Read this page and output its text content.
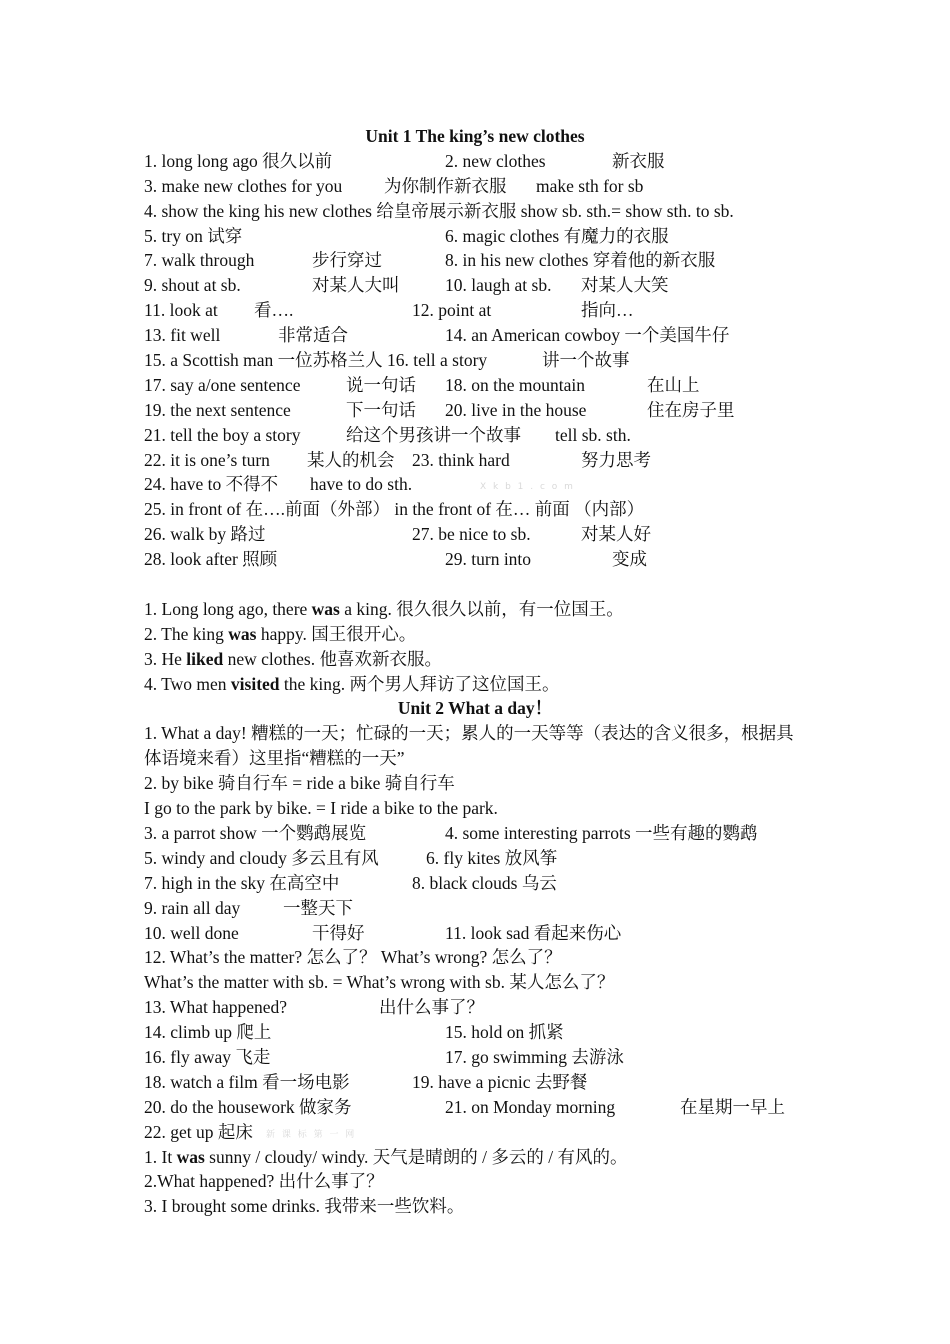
Unit 1 The king’s new clothes
1. long long ago 很久以前	2. new clothes	新衣服
3. make new clothes for you 为你制作新衣服 make sth for sb
4. show the king his new clothes 给皇帝展示新衣服 show sb. sth.= show sth. to sb.
5. try on 试穿	6. magic clothes 有魔力的衣服
7. walk through	步行穿过	8. in his new clothes 穿着他的新衣服
9. shout at sb.	对某人大叫	10. laugh at sb. 对某人大笑
11. look at 看….	12. point at	指向…
13. fit well	非常适合	14. an American cowboy 一个美国牛仔
15. a Scottish man 一位苏格兰人 16. tell a story	讲一个故事
17. say a/one sentence	说一句话 18. on the mountain	在山上
19. the next sentence	下一句话 20. live in the house	住在房子里
21. tell the boy a story	给这个男孩讲一个故事 tell sb. sth.
22. it is one’s turn 某人的机会 23. think hard	努力思考
24. have to 不得不 have to do sth.
25. in front of 在….前面（外部） in the front of 在… 前面 （内部）
26. walk by 路过	27. be nice to sb.	对某人好
28. look after 照顾	29. turn into	变成
1. Long long ago, there was a king. 很久很久以前，有一位国王。
2. The king was happy. 国王很开心。
3. He liked new clothes. 他喜欢新衣服。
4. Two men visited the king. 两个男人拜访了这位国王。
Unit 2 What a day！
1. What a day! 糟糕的一天；忙碌的一天；累人的一天等等（表达的含义很多，根据具体语境来看）这里指“糟糕的一天”
2. by bike 骑自行车 = ride a bike 骑自行车
I go to the park by bike. = I ride a bike to the park.
3. a parrot show 一个鹦鹉展览	4. some interesting parrots 一些有趣的鹦鹉
5. windy and cloudy 多云且有风	6. fly kites 放风筝
7. high in the sky 在高空中	8. black clouds 乌云
9. rain all day 一整天下
10. well done	干得好	11. look sad 看起来伤心
12. What’s the matter? 怎么了？ What’s wrong? 怎么了？
What’s the matter with sb. = What’s wrong with sb. 某人怎么了？
13. What happened?	出什么事了？
14. climb up 爬上	15. hold on 抓紧
16. fly away 飞走	17. go swimming 去游泳
18. watch a film 看一场电影	19. have a picnic 去野餐
20. do the housework 做家务	21. on Monday morning	在星期一早上
22. get up 起床
1. It was sunny / cloudy/ windy. 天气是晴朗的 / 多云的 / 有风的。
2.What happened? 出什么事了？
3. I brought some drinks. 我带来一些饮料。
X k b 1 . c o m
新 课 标 第 一 网
